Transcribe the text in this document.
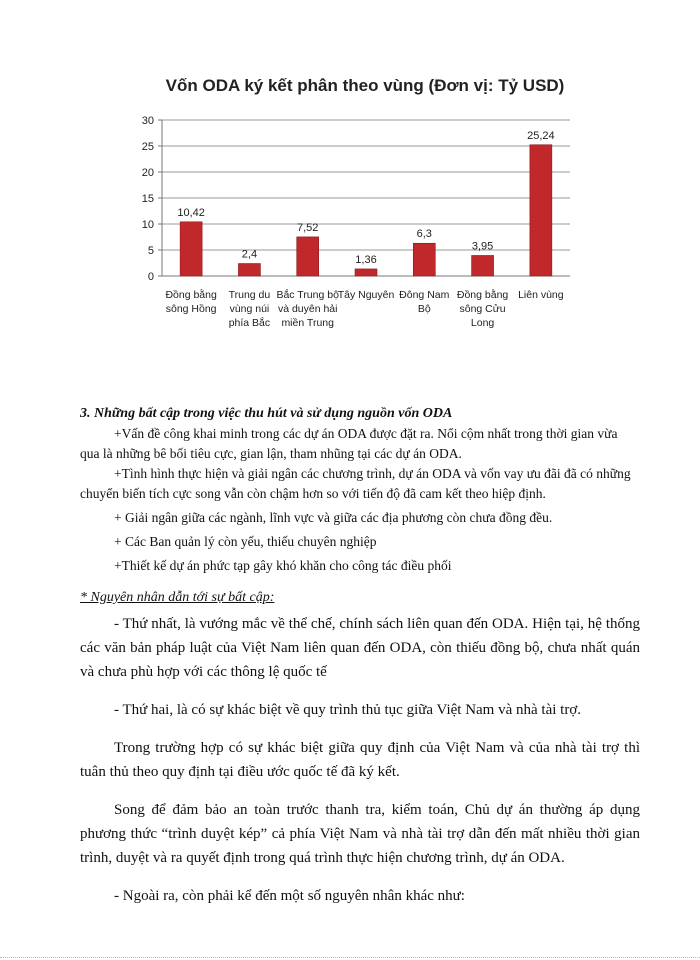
Vốn ODA ký kết phân theo vùng (Đơn vị: Tỷ USD)
0
5
10
15
20
25
30
10,42
Đồng bằng sông Hồng
2,4
Trung du vùng núi phía Bắc
7,52
Bắc Trung bộ và duyên hải miền Trung
1,36
Tây Nguyên
6,3
Đông Nam Bộ
3,95
Đồng bằng sông Cửu Long
25,24
Liên vùng

3. Những bất cập trong việc thu hút và sử dụng nguồn vốn ODA

+Vấn đề công khai minh trong các dự án ODA được đặt ra. Nổi cộm nhất trong thời gian vừa qua là những bê bối tiêu cực, gian lận, tham nhũng tại các dự án ODA.

+Tình hình thực hiện và giải ngân các chương trình, dự án ODA và vốn vay ưu đãi đã có những chuyển biến tích cực song vẫn còn chậm hơn so với tiến độ đã cam kết theo hiệp định.

+ Giải ngân giữa các ngành, lĩnh vực và giữa các địa phương còn chưa đồng đều.

+ Các Ban quản lý còn yếu, thiếu chuyên nghiệp

+Thiết kế dự án phức tạp gây khó khăn cho công tác điều phối

* Nguyên nhân dẫn tới sự bất cập:

- Thứ nhất, là vướng mắc về thể chế, chính sách liên quan đến ODA. Hiện tại, hệ thống các văn bản pháp luật của Việt Nam liên quan đến ODA, còn thiếu đồng bộ, chưa nhất quán và chưa phù hợp với các thông lệ quốc tế

- Thứ hai, là có sự khác biệt về quy trình thủ tục giữa Việt Nam và nhà tài trợ.

Trong trường hợp có sự khác biệt giữa quy định của Việt Nam và của nhà tài trợ thì tuân thủ theo quy định tại điều ước quốc tế đã ký kết.

Song để đảm bảo an toàn trước thanh tra, kiểm toán, Chủ dự án thường áp dụng phương thức “trình duyệt kép” cả phía Việt Nam và nhà tài trợ dẫn đến mất nhiều thời gian trình, duyệt và ra quyết định trong quá trình thực hiện chương trình, dự án ODA.

- Ngoài ra, còn phải kể đến một số nguyên nhân khác như:
